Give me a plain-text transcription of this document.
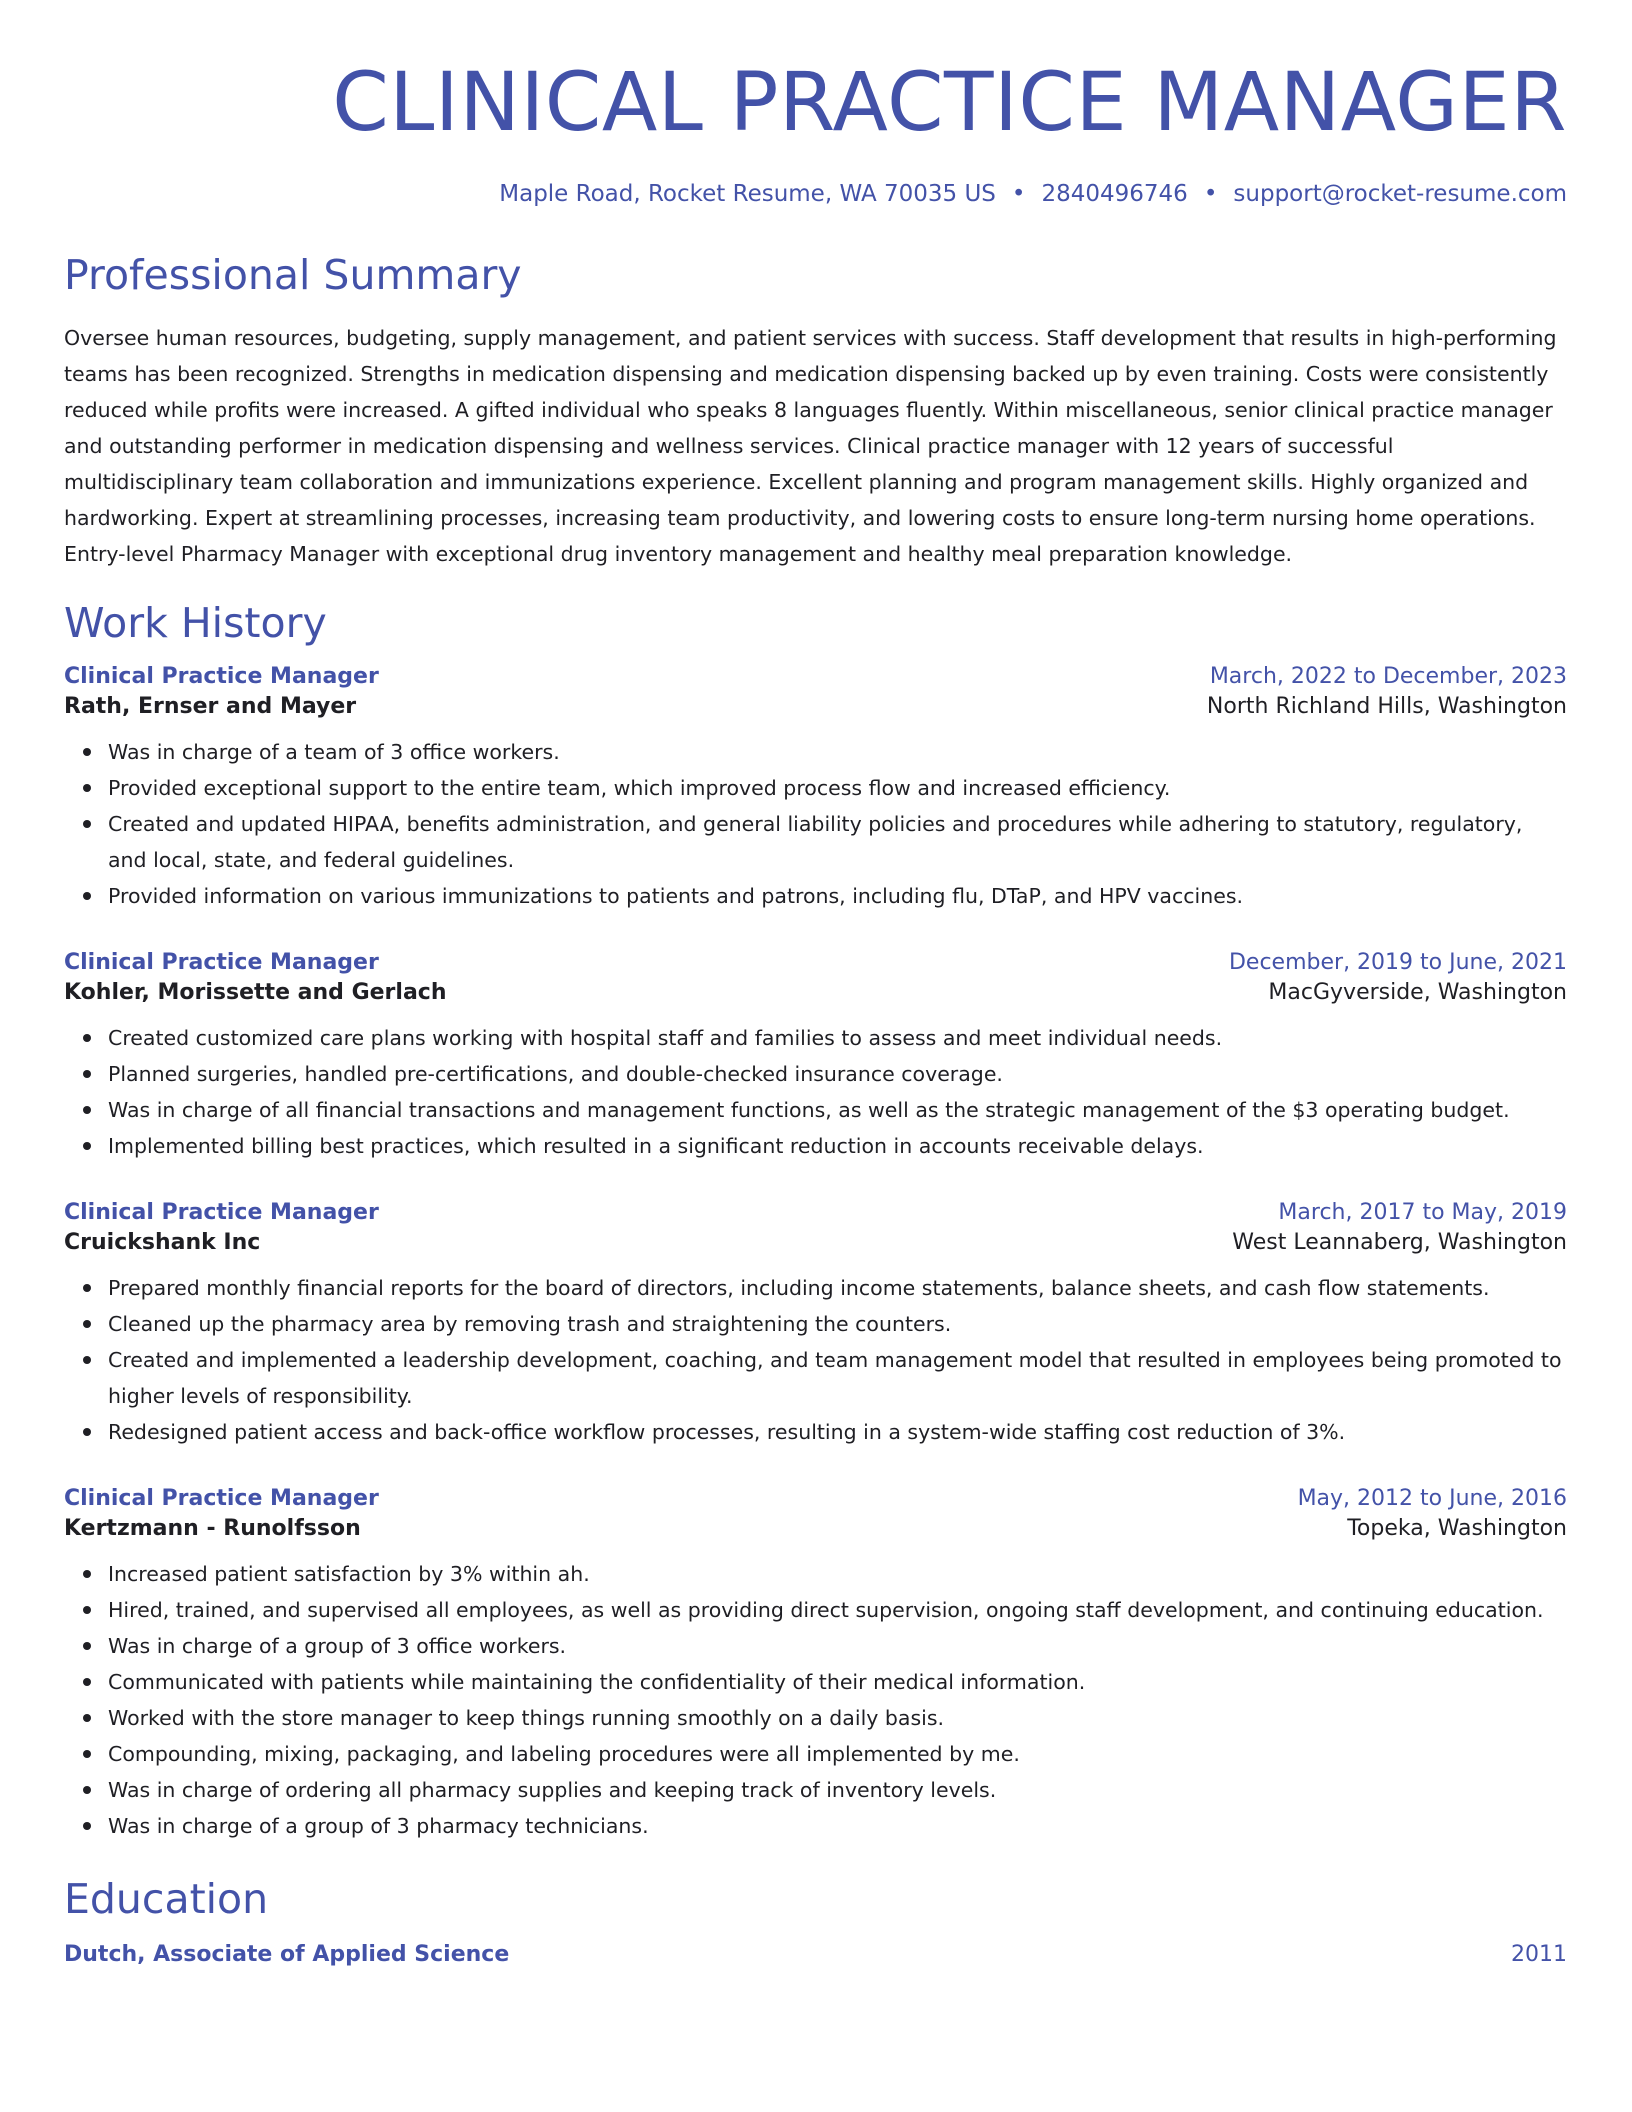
CLINICAL PRACTICE MANAGER
Maple Road, Rocket Resume, WA 70035 US • 2840496746 • support@rocket-resume.com
Professional Summary
Oversee human resources, budgeting, supply management, and patient services with success. Staff development that results in high-performing teams has been recognized. Strengths in medication dispensing and medication dispensing backed up by even training. Costs were consistently reduced while profits were increased. A gifted individual who speaks 8 languages fluently. Within miscellaneous, senior clinical practice manager and outstanding performer in medication dispensing and wellness services. Clinical practice manager with 12 years of successful multidisciplinary team collaboration and immunizations experience. Excellent planning and program management skills. Highly organized and hardworking. Expert at streamlining processes, increasing team productivity, and lowering costs to ensure long-term nursing home operations. Entry-level Pharmacy Manager with exceptional drug inventory management and healthy meal preparation knowledge.
Work History
Clinical Practice Manager	March, 2022 to December, 2023
Rath, Ernser and Mayer	North Richland Hills, Washington
Was in charge of a team of 3 office workers.
Provided exceptional support to the entire team, which improved process flow and increased efficiency.
Created and updated HIPAA, benefits administration, and general liability policies and procedures while adhering to statutory, regulatory, and local, state, and federal guidelines.
Provided information on various immunizations to patients and patrons, including flu, DTaP, and HPV vaccines.
Clinical Practice Manager	December, 2019 to June, 2021
Kohler, Morissette and Gerlach	MacGyverside, Washington
Created customized care plans working with hospital staff and families to assess and meet individual needs.
Planned surgeries, handled pre-certifications, and double-checked insurance coverage.
Was in charge of all financial transactions and management functions, as well as the strategic management of the $3 operating budget.
Implemented billing best practices, which resulted in a significant reduction in accounts receivable delays.
Clinical Practice Manager	March, 2017 to May, 2019
Cruickshank Inc	West Leannaberg, Washington
Prepared monthly financial reports for the board of directors, including income statements, balance sheets, and cash flow statements.
Cleaned up the pharmacy area by removing trash and straightening the counters.
Created and implemented a leadership development, coaching, and team management model that resulted in employees being promoted to higher levels of responsibility.
Redesigned patient access and back-office workflow processes, resulting in a system-wide staffing cost reduction of 3%.
Clinical Practice Manager	May, 2012 to June, 2016
Kertzmann - Runolfsson	Topeka, Washington
Increased patient satisfaction by 3% within ah.
Hired, trained, and supervised all employees, as well as providing direct supervision, ongoing staff development, and continuing education.
Was in charge of a group of 3 office workers.
Communicated with patients while maintaining the confidentiality of their medical information.
Worked with the store manager to keep things running smoothly on a daily basis.
Compounding, mixing, packaging, and labeling procedures were all implemented by me.
Was in charge of ordering all pharmacy supplies and keeping track of inventory levels.
Was in charge of a group of 3 pharmacy technicians.
Education
Dutch, Associate of Applied Science	2011
